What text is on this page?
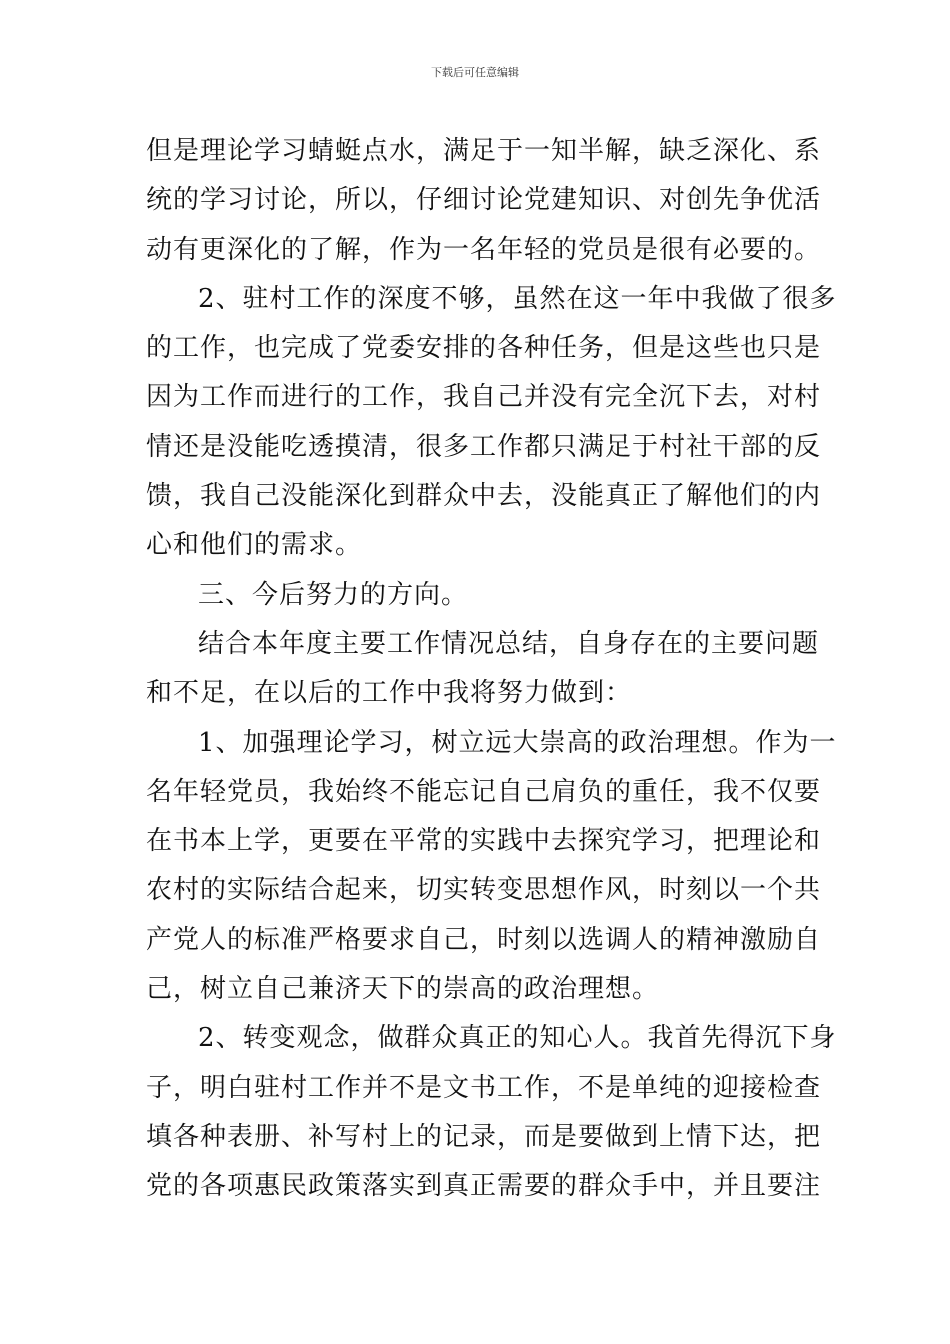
下载后可任意编辑
但是理论学习蜻蜓点水，满足于一知半解，缺乏深化、系
统的学习讨论，所以，仔细讨论党建知识、对创先争优活
动有更深化的了解，作为一名年轻的党员是很有必要的。
2、驻村工作的深度不够，虽然在这一年中我做了很多
的工作，也完成了党委安排的各种任务，但是这些也只是
因为工作而进行的工作，我自己并没有完全沉下去，对村
情还是没能吃透摸清，很多工作都只满足于村社干部的反
馈，我自己没能深化到群众中去，没能真正了解他们的内
心和他们的需求。
三、今后努力的方向。
结合本年度主要工作情况总结，自身存在的主要问题
和不足，在以后的工作中我将努力做到：
1、加强理论学习，树立远大崇高的政治理想。作为一
名年轻党员，我始终不能忘记自己肩负的重任，我不仅要
在书本上学，更要在平常的实践中去探究学习，把理论和
农村的实际结合起来，切实转变思想作风，时刻以一个共
产党人的标准严格要求自己，时刻以选调人的精神激励自
己，树立自己兼济天下的崇高的政治理想。
2、转变观念，做群众真正的知心人。我首先得沉下身
子，明白驻村工作并不是文书工作，不是单纯的迎接检查
填各种表册、补写村上的记录，而是要做到上情下达，把
党的各项惠民政策落实到真正需要的群众手中，并且要注
